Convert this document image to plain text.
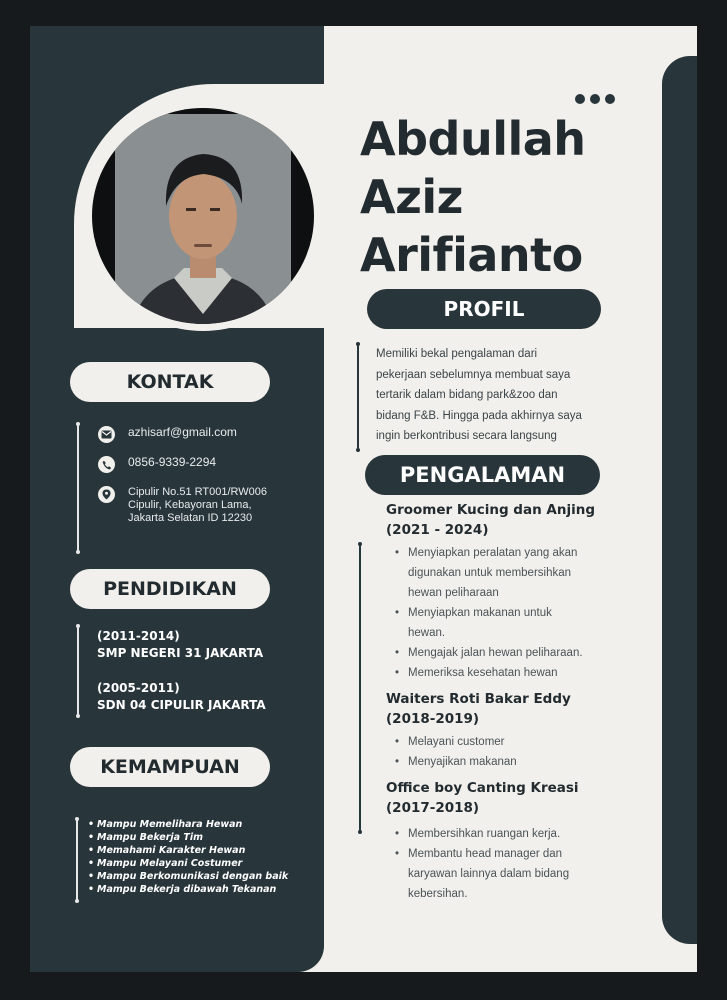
Abdullah
Aziz
Arifianto
PROFIL
Memiliki bekal pengalaman dari
pekerjaan sebelumnya membuat saya
tertarik dalam bidang park&zoo dan
bidang F&B. Hingga pada akhirnya saya
ingin berkontribusi secara langsung
PENGALAMAN
Groomer Kucing dan Anjing
(2021 - 2024)
• Menyiapkan peralatan yang akan
digunakan untuk membersihkan
hewan peliharaan
• Menyiapkan makanan untuk
hewan.
• Mengajak jalan hewan peliharaan.
• Memeriksa kesehatan hewan
Waiters Roti Bakar Eddy
(2018-2019)
• Melayani customer
• Menyajikan makanan
Office boy Canting Kreasi
(2017-2018)
• Membersihkan ruangan kerja.
• Membantu head manager dan
karyawan lainnya dalam bidang
kebersihan.
KONTAK
azhisarf@gmail.com
0856-9339-2294
Cipulir No.51 RT001/RW006
Cipulir, Kebayoran Lama,
Jakarta Selatan ID 12230
PENDIDIKAN
(2011-2014)
SMP NEGERI 31 JAKARTA
(2005-2011)
SDN 04 CIPULIR JAKARTA
KEMAMPUAN
• Mampu Memelihara Hewan
• Mampu Bekerja Tim
• Memahami Karakter Hewan
• Mampu Melayani Costumer
• Mampu Berkomunikasi dengan baik
• Mampu Bekerja dibawah Tekanan
